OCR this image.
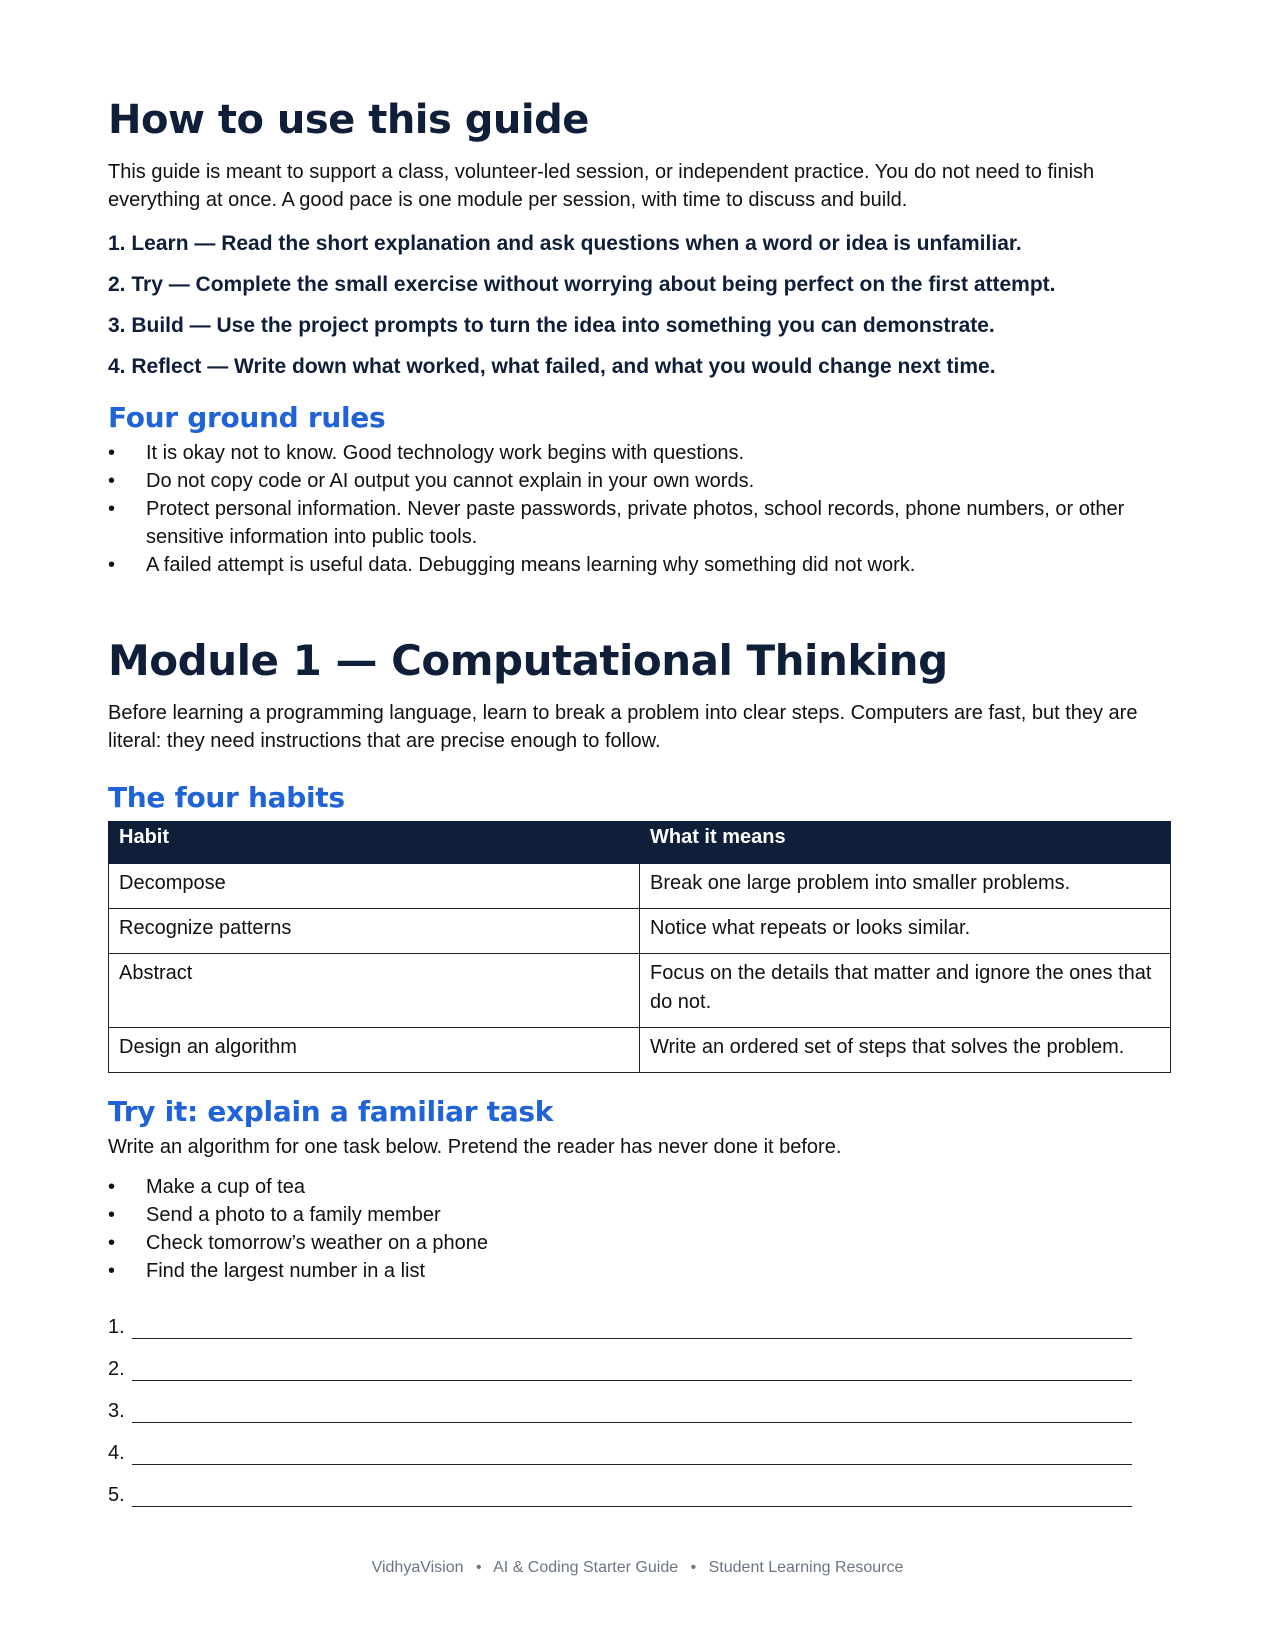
How to use this guide

This guide is meant to support a class, volunteer-led session, or independent practice. You do not need to finish everything at once. A good pace is one module per session, with time to discuss and build.

1. Learn — Read the short explanation and ask questions when a word or idea is unfamiliar.
2. Try — Complete the small exercise without worrying about being perfect on the first attempt.
3. Build — Use the project prompts to turn the idea into something you can demonstrate.
4. Reflect — Write down what worked, what failed, and what you would change next time.
Four ground rules
• It is okay not to know. Good technology work begins with questions.
• Do not copy code or AI output you cannot explain in your own words.
• Protect personal information. Never paste passwords, private photos, school records, phone numbers, or other sensitive information into public tools.
• A failed attempt is useful data. Debugging means learning why something did not work.
Module 1 — Computational Thinking

Before learning a programming language, learn to break a problem into clear steps. Computers are fast, but they are literal: they need instructions that are precise enough to follow.

The four habits
Habit	What it means
Decompose	Break one large problem into smaller problems.
Recognize patterns	Notice what repeats or looks similar.
Abstract	Focus on the details that matter and ignore the ones that do not.
Design an algorithm	Write an ordered set of steps that solves the problem.
Try it: explain a familiar task

Write an algorithm for one task below. Pretend the reader has never done it before.

• Make a cup of tea
• Send a photo to a family member
• Check tomorrow’s weather on a phone
• Find the largest number in a list
1.
2.
3.
4.
5.
VidhyaVision • AI & Coding Starter Guide • Student Learning Resource
